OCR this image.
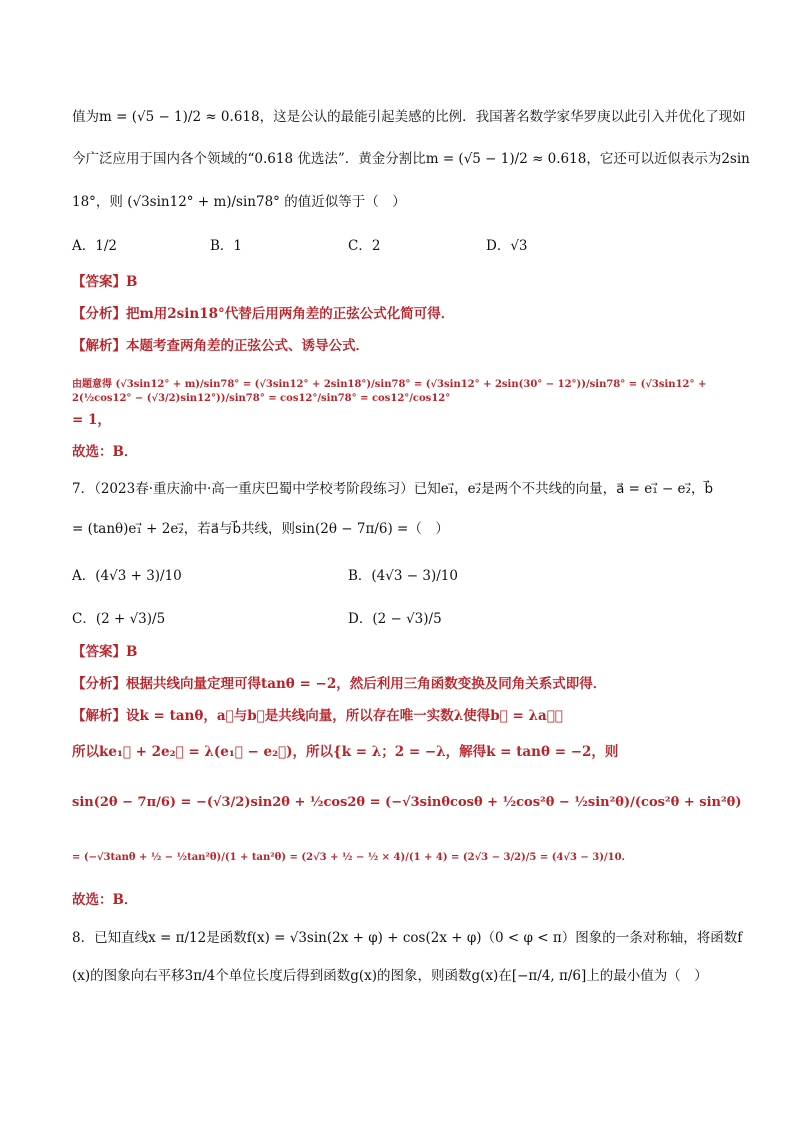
值为m = (√5 − 1)/2 ≈ 0.618，这是公认的最能引起美感的比例．我国著名数学家华罗庚以此引入并优化了现如
今广泛应用于国内各个领域的“0.618 优选法”．黄金分割比m = (√5 − 1)/2 ≈ 0.618，它还可以近似表示为2sin
18°，则 (√3sin12° + m)/sin78° 的值近似等于（　）
A．1/2	B．1	C．2	D．√3
【答案】B
【分析】把m用2sin18°代替后用两角差的正弦公式化简可得．
【解析】本题考查两角差的正弦公式、诱导公式．
由题意得 (√3sin12° + m)/sin78° = (√3sin12° + 2sin18°)/sin78° = (√3sin12° + 2sin(30° − 12°))/sin78° = (√3sin12° + 2(½cos12° − (√3/2)sin12°))/sin78° = cos12°/sin78° = cos12°/cos12°
= 1，
故选：B．
7．（2023春·重庆渝中·高一重庆巴蜀中学校考阶段练习）已知e₁⃗，e₂⃗是两个不共线的向量，a⃗ = e₁⃗ − e₂⃗，b⃗
= (tanθ)e₁⃗ + 2e₂⃗，若a⃗与b⃗共线，则sin(2θ − 7π/6) =（　）
A．(4√3 + 3)/10	B．(4√3 − 3)/10
C．(2 + √3)/5	D．(2 − √3)/5
【答案】B
【分析】根据共线向量定理可得tanθ = −2，然后利用三角函数变换及同角关系式即得．
【解析】设k = tanθ，a⃗与b⃗是共线向量，所以存在唯一实数λ使得b⃗ = λa⃗，
所以ke₁⃗ + 2e₂⃗ = λ(e₁⃗ − e₂⃗)，所以{k = λ；2 = −λ，解得k = tanθ = −2，则
sin(2θ − 7π/6) = −(√3/2)sin2θ + ½cos2θ = (−√3sinθcosθ + ½cos²θ − ½sin²θ)/(cos²θ + sin²θ)
= (−√3tanθ + ½ − ½tan²θ)/(1 + tan²θ) = (2√3 + ½ − ½ × 4)/(1 + 4) = (2√3 − 3/2)/5 = (4√3 − 3)/10.
故选：B．
8．已知直线x = π/12是函数f(x) = √3sin(2x + φ) + cos(2x + φ)（0 < φ < π）图象的一条对称轴，将函数f
(x)的图象向右平移3π/4个单位长度后得到函数g(x)的图象，则函数g(x)在[−π/4, π/6]上的最小值为（　）
